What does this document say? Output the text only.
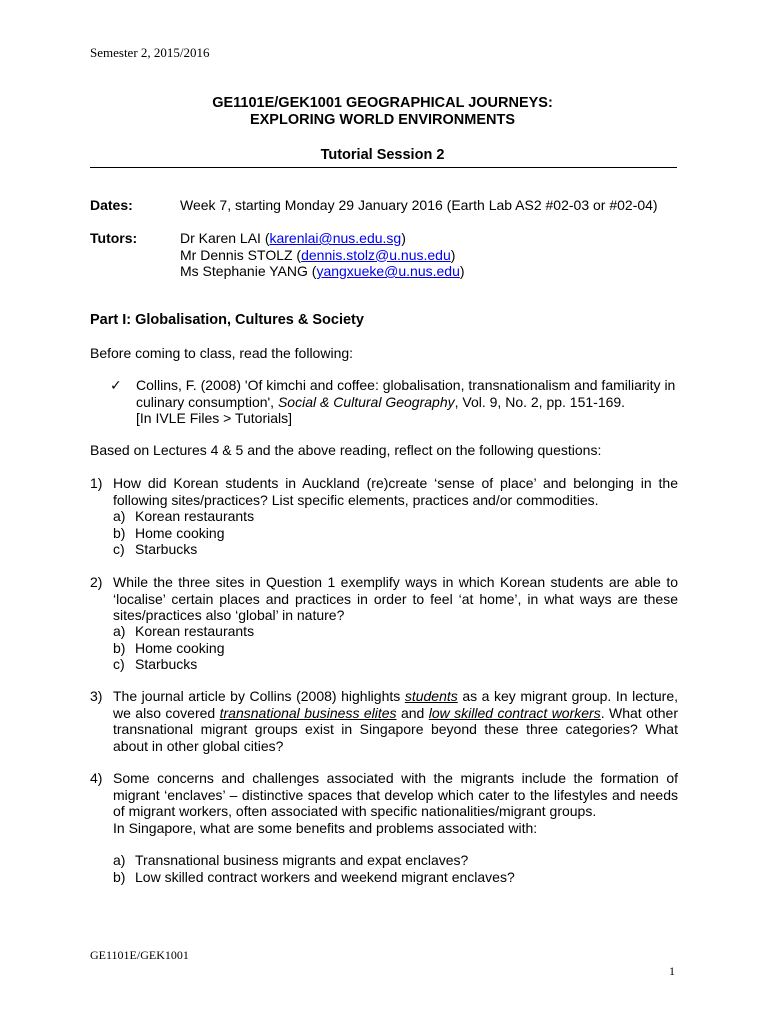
Semester 2, 2015/2016
GE1101E/GEK1001 GEOGRAPHICAL JOURNEYS:
EXPLORING WORLD ENVIRONMENTS
Tutorial Session 2
Dates:	Week 7, starting Monday 29 January 2016 (Earth Lab AS2 #02-03 or #02-04)
Tutors:	Dr Karen LAI (karenlai@nus.edu.sg)
Mr Dennis STOLZ (dennis.stolz@u.nus.edu)
Ms Stephanie YANG (yangxueke@u.nus.edu)
Part I: Globalisation, Cultures & Society
Before coming to class, read the following:
✓ Collins, F. (2008) 'Of kimchi and coffee: globalisation, transnationalism and familiarity in
culinary consumption', Social & Cultural Geography, Vol. 9, No. 2, pp. 151-169.
[In IVLE Files > Tutorials]
Based on Lectures 4 & 5 and the above reading, reflect on the following questions:
1) How did Korean students in Auckland (re)create ‘sense of place’ and belonging in the following sites/practices? List specific elements, practices and/or commodities.
a) Korean restaurants
b) Home cooking
c) Starbucks
2) While the three sites in Question 1 exemplify ways in which Korean students are able to ‘localise’ certain places and practices in order to feel ‘at home’, in what ways are these sites/practices also ‘global’ in nature?
a) Korean restaurants
b) Home cooking
c) Starbucks
3) The journal article by Collins (2008) highlights students as a key migrant group. In lecture, we also covered transnational business elites and low skilled contract workers. What other transnational migrant groups exist in Singapore beyond these three categories? What about in other global cities?
4) Some concerns and challenges associated with the migrants include the formation of migrant ‘enclaves’ – distinctive spaces that develop which cater to the lifestyles and needs of migrant workers, often associated with specific nationalities/migrant groups.
In Singapore, what are some benefits and problems associated with:
a) Transnational business migrants and expat enclaves?
b) Low skilled contract workers and weekend migrant enclaves?
GE1101E/GEK1001
1
